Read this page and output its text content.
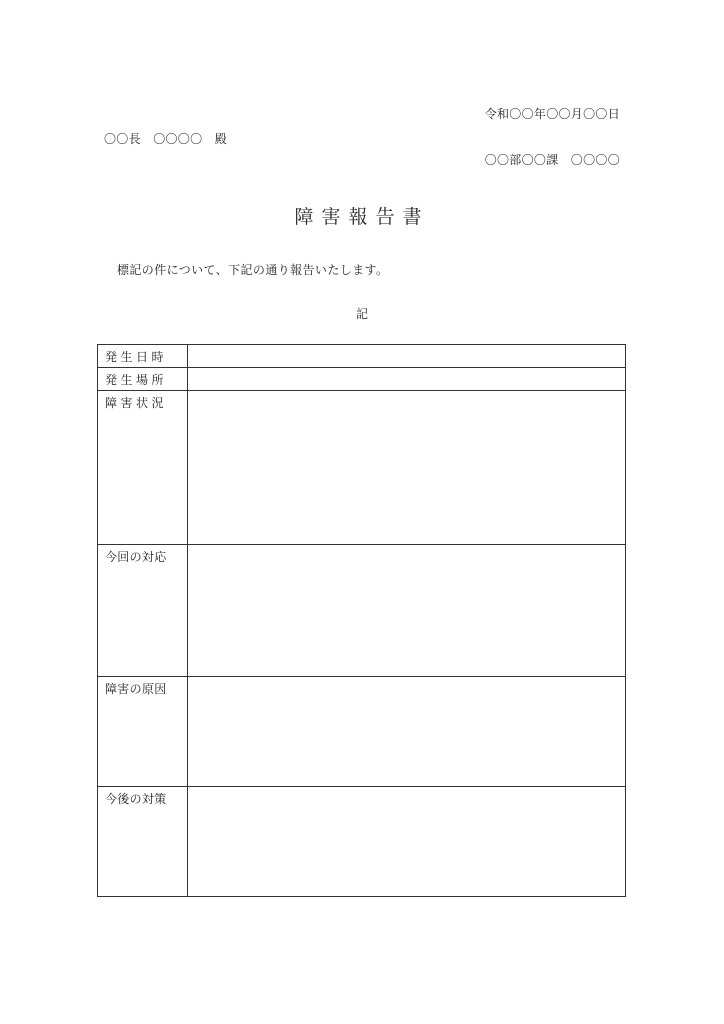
令和〇〇年〇〇月〇〇日
〇〇長　〇〇〇〇　殿
〇〇部〇〇課　〇〇〇〇
障害報告書
標記の件について、下記の通り報告いたします。
記
発生日時	
発生場所	
障害状況	
今回の対応	
障害の原因	
今後の対策	
